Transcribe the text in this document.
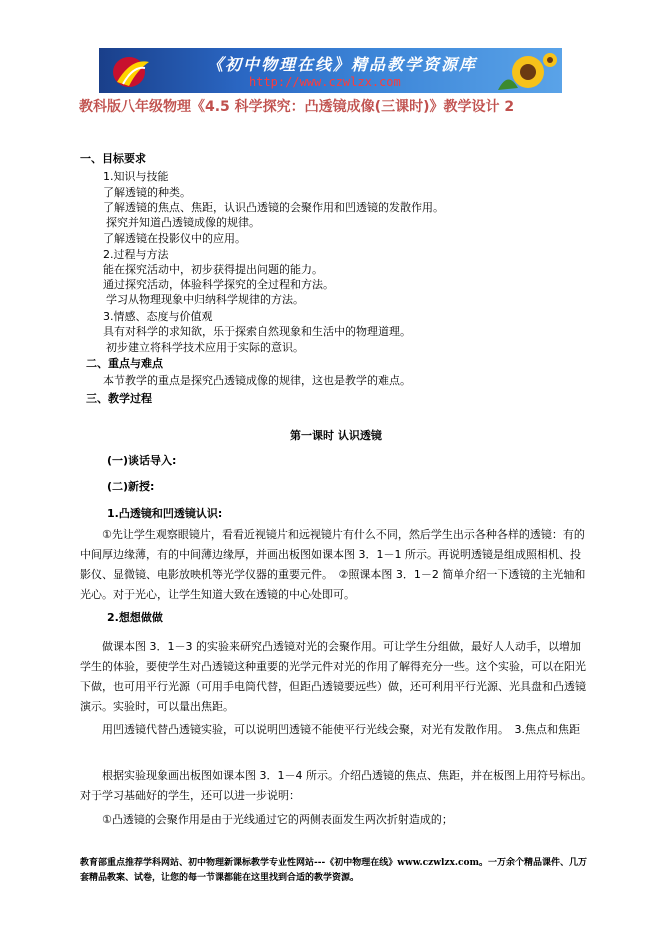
《初中物理在线》精品教学资源库
http://www.czwlzx.com
教科版八年级物理《4.5 科学探究：凸透镜成像(三课时)》教学设计 2
一、目标要求
1.知识与技能
了解透镜的种类。
了解透镜的焦点、焦距，认识凸透镜的会聚作用和凹透镜的发散作用。
探究并知道凸透镜成像的规律。
了解透镜在投影仪中的应用。
2.过程与方法
能在探究活动中，初步获得提出问题的能力。
通过探究活动，体验科学探究的全过程和方法。
学习从物理现象中归纳科学规律的方法。
3.情感、态度与价值观
具有对科学的求知欲，乐于探索自然现象和生活中的物理道理。
初步建立将科学技术应用于实际的意识。
二、重点与难点
本节教学的重点是探究凸透镜成像的规律，这也是教学的难点。
三、教学过程
第一课时 认识透镜
(一)谈话导入:
(二)新授:
1.凸透镜和凹透镜认识:
①先让学生观察眼镜片，看看近视镜片和远视镜片有什么不同，然后学生出示各种各样的透镜：有的中间厚边缘薄，有的中间薄边缘厚，并画出板图如课本图 3．1－1 所示。再说明透镜是组成照相机、投影仪、显微镜、电影放映机等光学仪器的重要元件。　②照课本图 3．1－2 简单介绍一下透镜的主光轴和光心。对于光心，让学生知道大致在透镜的中心处即可。
2.想想做做
做课本图 3．1－3 的实验来研究凸透镜对光的会聚作用。可让学生分组做，最好人人动手，以增加学生的体验，要使学生对凸透镜这种重要的光学元件对光的作用了解得充分一些。这个实验，可以在阳光下做，也可用平行光源（可用手电筒代替，但距凸透镜要远些）做，还可利用平行光源、光具盘和凸透镜演示。实验时，可以量出焦距。
用凹透镜代替凸透镜实验，可以说明凹透镜不能使平行光线会聚，对光有发散作用。　3.焦点和焦距
根据实验现象画出板图如课本图 3．1－4 所示。介绍凸透镜的焦点、焦距，并在板图上用符号标出。　对于学习基础好的学生，还可以进一步说明：
①凸透镜的会聚作用是由于光线通过它的两侧表面发生两次折射造成的；
教育部重点推荐学科网站、初中物理新课标教学专业性网站---《初中物理在线》www.czwlzx.com。一万余个精品课件、几万套精品教案、试卷，让您的每一节课都能在这里找到合适的教学资源。
